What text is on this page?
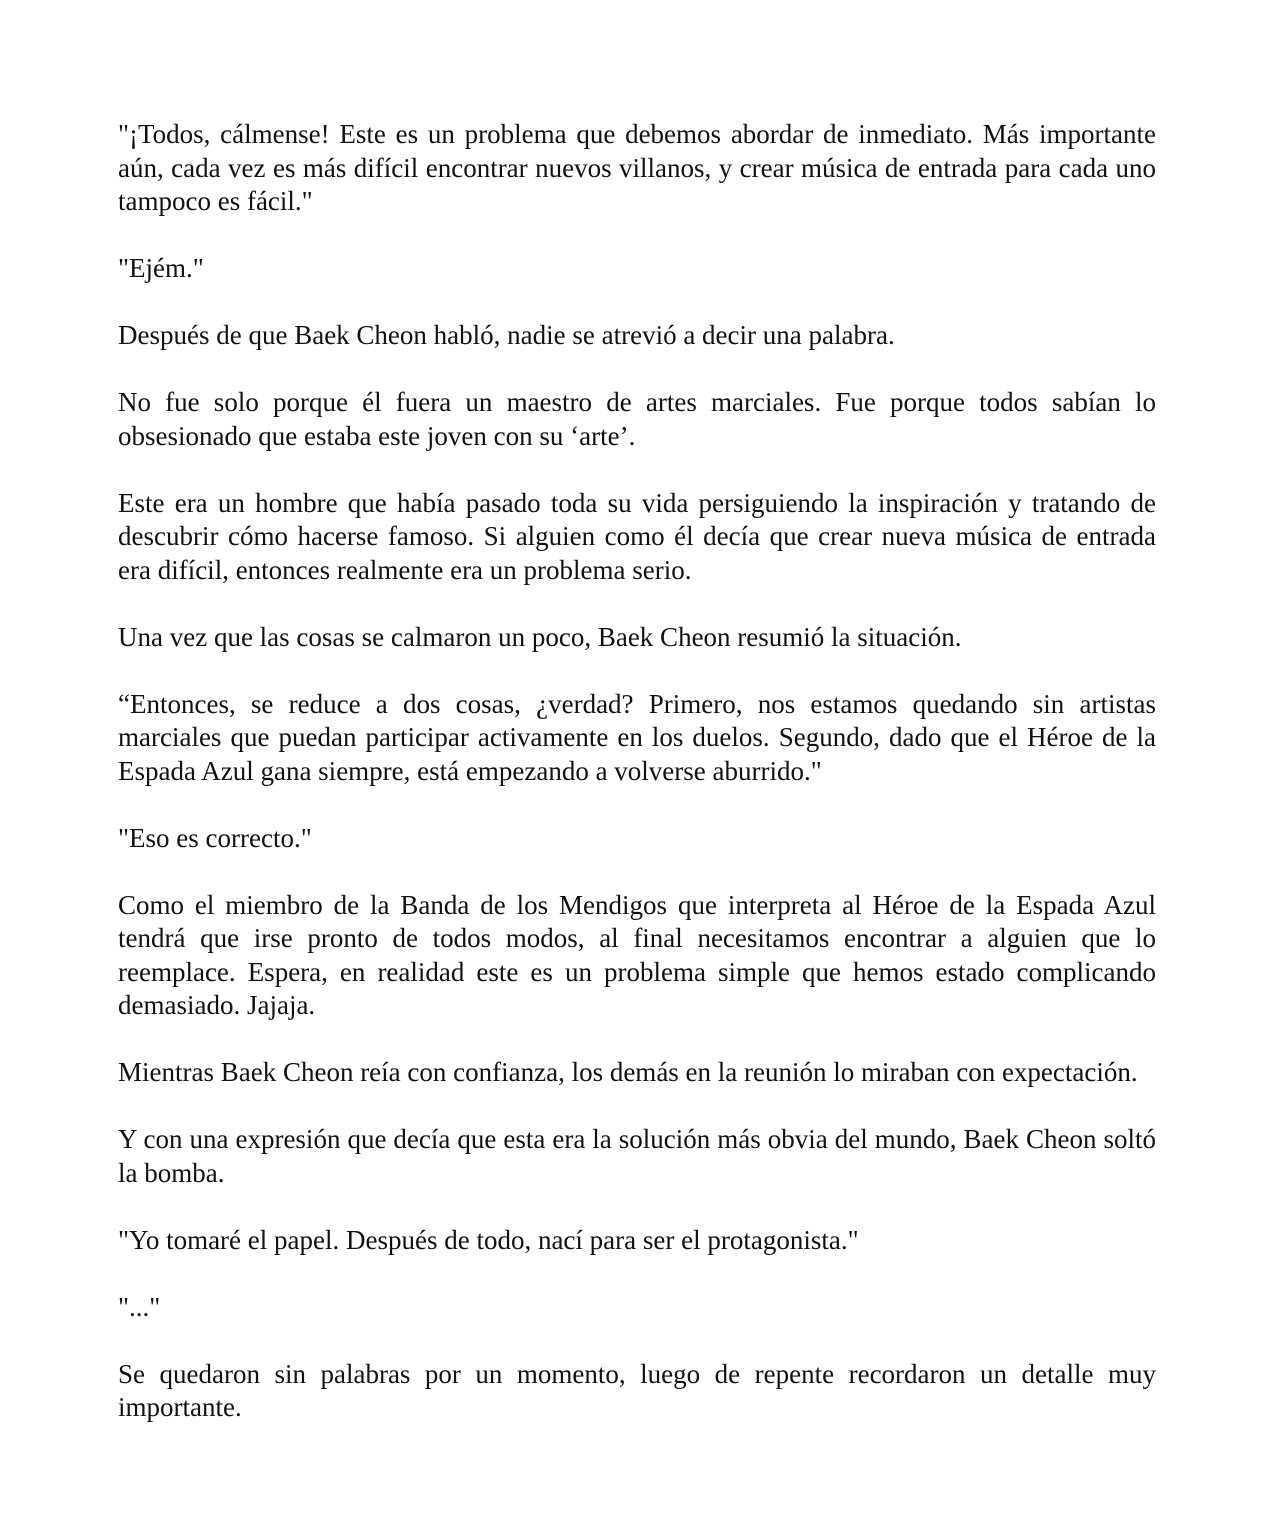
"¡Todos, cálmense! Este es un problema que debemos abordar de inmediato. Más importante aún, cada vez es más difícil encontrar nuevos villanos, y crear música de entrada para cada uno tampoco es fácil."

"Ejém."

Después de que Baek Cheon habló, nadie se atrevió a decir una palabra.

No fue solo porque él fuera un maestro de artes marciales. Fue porque todos sabían lo obsesionado que estaba este joven con su ‘arte’.

Este era un hombre que había pasado toda su vida persiguiendo la inspiración y tratando de descubrir cómo hacerse famoso. Si alguien como él decía que crear nueva música de entrada era difícil, entonces realmente era un problema serio.

Una vez que las cosas se calmaron un poco, Baek Cheon resumió la situación.

“Entonces, se reduce a dos cosas, ¿verdad? Primero, nos estamos quedando sin artistas marciales que puedan participar activamente en los duelos. Segundo, dado que el Héroe de la Espada Azul gana siempre, está empezando a volverse aburrido."

"Eso es correcto."

Como el miembro de la Banda de los Mendigos que interpreta al Héroe de la Espada Azul tendrá que irse pronto de todos modos, al final necesitamos encontrar a alguien que lo reemplace. Espera, en realidad este es un problema simple que hemos estado complicando demasiado. Jajaja.

Mientras Baek Cheon reía con confianza, los demás en la reunión lo miraban con expectación.

Y con una expresión que decía que esta era la solución más obvia del mundo, Baek Cheon soltó la bomba.

"Yo tomaré el papel. Después de todo, nací para ser el protagonista."

"..."

Se quedaron sin palabras por un momento, luego de repente recordaron un detalle muy importante.
